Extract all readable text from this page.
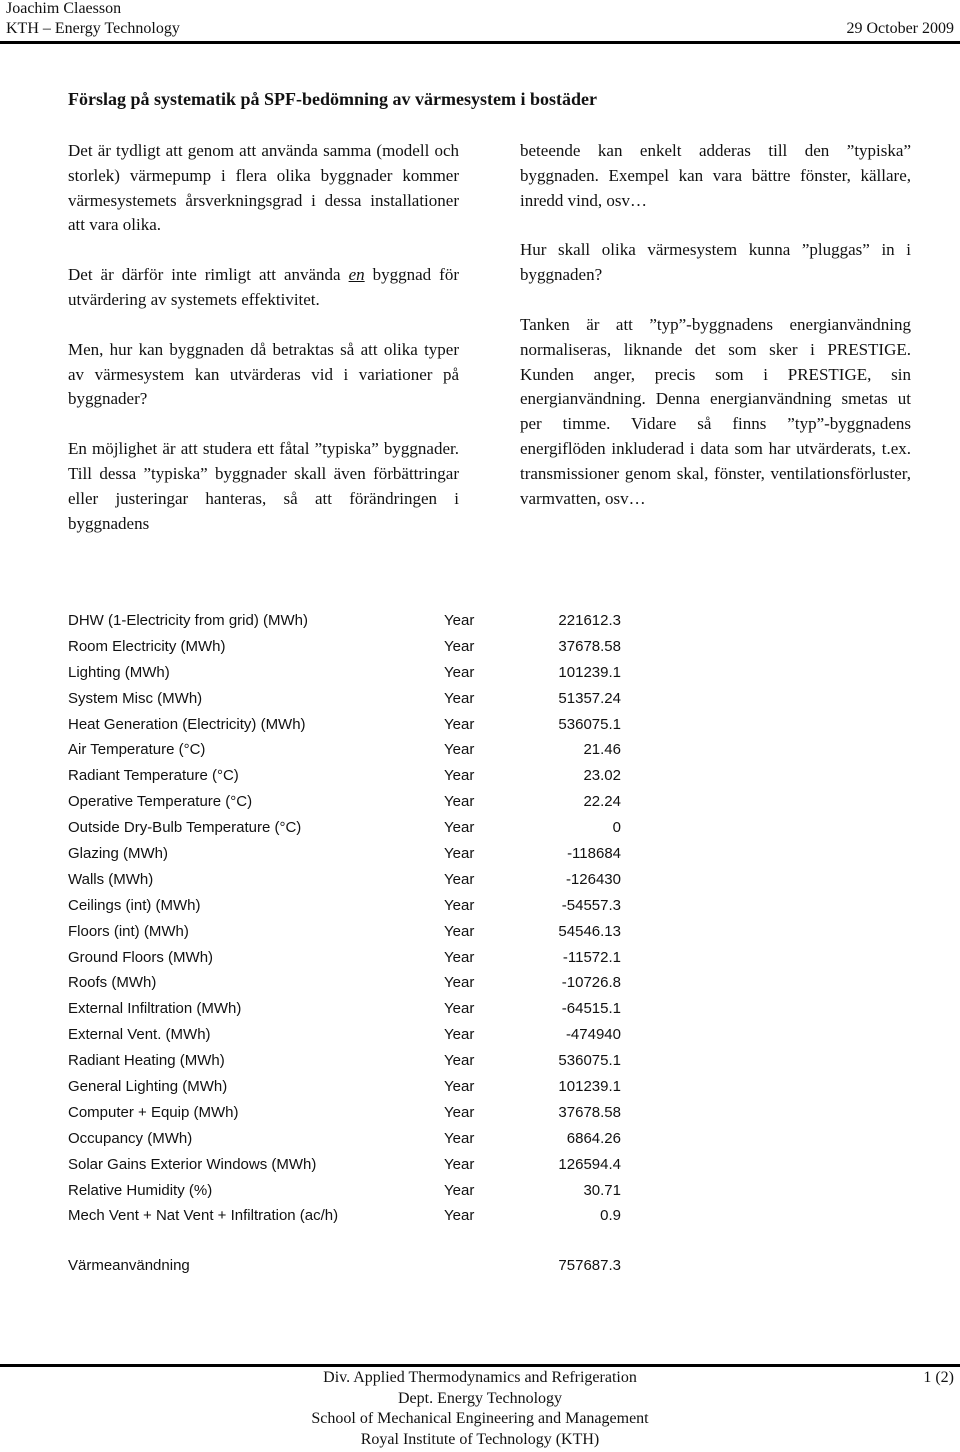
Joachim Claesson
KTH – Energy Technology	29 October 2009
Förslag på systematik på SPF-bedömning av värmesystem i bostäder

Det är tydligt att genom att använda samma (modell och storlek) värmepump i flera olika byggnader kommer värmesystemets årsverkningsgrad i dessa installationer att vara olika.

Det är därför inte rimligt att använda en byggnad för utvärdering av systemets effektivitet.

Men, hur kan byggnaden då betraktas så att olika typer av värmesystem kan utvärderas vid i variationer på byggnader?

En möjlighet är att studera ett fåtal ”typiska” byggnader. Till dessa ”typiska” byggnader skall även förbättringar eller justeringar hanteras, så att förändringen i byggnadens

beteende kan enkelt adderas till den ”typiska” byggnaden. Exempel kan vara bättre fönster, källare, inredd vind, osv…

Hur skall olika värmesystem kunna ”pluggas” in i byggnaden?

Tanken är att ”typ”-byggnadens energianvändning normaliseras, liknande det som sker i PRESTIGE. Kunden anger, precis som i PRESTIGE, sin energianvändning. Denna energianvändning smetas ut per timme. Vidare så finns ”typ”-byggnadens energiflöden inkluderad i data som har utvärderats, t.ex. transmissioner genom skal, fönster, ventilationsförluster, varmvatten, osv…

DHW (1-Electricity from grid) (MWh)	Year	221612.3
Room Electricity (MWh)	Year	37678.58
Lighting (MWh)	Year	101239.1
System Misc (MWh)	Year	51357.24
Heat Generation (Electricity) (MWh)	Year	536075.1
Air Temperature (°C)	Year	21.46
Radiant Temperature (°C)	Year	23.02
Operative Temperature (°C)	Year	22.24
Outside Dry-Bulb Temperature (°C)	Year	0
Glazing (MWh)	Year	-118684
Walls (MWh)	Year	-126430
Ceilings (int) (MWh)	Year	-54557.3
Floors (int) (MWh)	Year	54546.13
Ground Floors (MWh)	Year	-11572.1
Roofs (MWh)	Year	-10726.8
External Infiltration (MWh)	Year	-64515.1
External Vent. (MWh)	Year	-474940
Radiant Heating (MWh)	Year	536075.1
General Lighting (MWh)	Year	101239.1
Computer + Equip (MWh)	Year	37678.58
Occupancy (MWh)	Year	6864.26
Solar Gains Exterior Windows (MWh)	Year	126594.4
Relative Humidity (%)	Year	30.71
Mech Vent + Nat Vent + Infiltration (ac/h)	Year	0.9
Värmeanvändning	757687.3
Div. Applied Thermodynamics and Refrigeration
Dept. Energy Technology
School of Mechanical Engineering and Management
Royal Institute of Technology (KTH)
1 (2)
